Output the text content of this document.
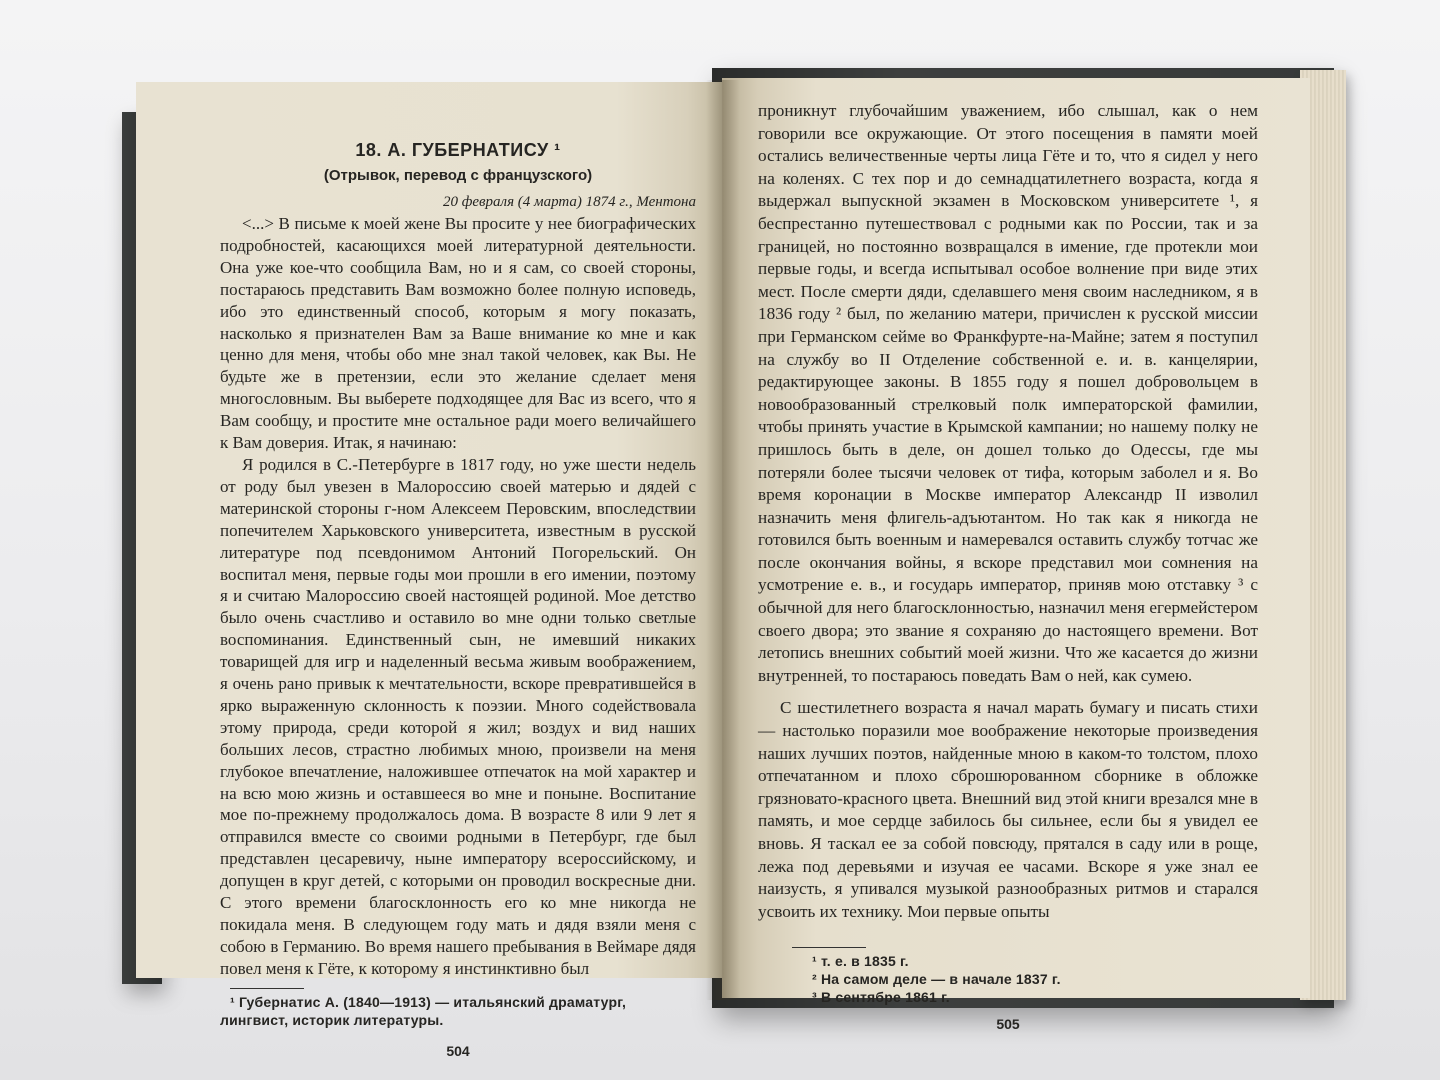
18. А. ГУБЕРНАТИСУ ¹

(Отрывок, перевод с французского)

20 февраля (4 марта) 1874 г., Ментона

<...> В письме к моей жене Вы просите у нее биографических подробностей, касающихся моей литературной деятельности. Она уже кое-что сообщила Вам, но и я сам, со своей стороны, постараюсь представить Вам возможно более полную исповедь, ибо это единственный способ, которым я могу показать, насколько я признателен Вам за Ваше внимание ко мне и как ценно для меня, чтобы обо мне знал такой человек, как Вы. Не будьте же в претензии, если это желание сделает меня многословным. Вы выберете подходящее для Вас из всего, что я Вам сообщу, и простите мне остальное ради моего величайшего к Вам доверия. Итак, я начинаю:

Я родился в С.-Петербурге в 1817 году, но уже шести недель от роду был увезен в Малороссию своей матерью и дядей с материнской стороны г-ном Алексеем Перовским, впоследствии попечителем Харьковского университета, известным в русской литературе под псевдонимом Антоний Погорельский. Он воспитал меня, первые годы мои прошли в его имении, поэтому я и считаю Малороссию своей настоящей родиной. Мое детство было очень счастливо и оставило во мне одни только светлые воспоминания. Единственный сын, не имевший никаких товарищей для игр и наделенный весьма живым воображением, я очень рано привык к мечтательности, вскоре превратившейся в ярко выраженную склонность к поэзии. Много содействовала этому природа, среди которой я жил; воздух и вид наших больших лесов, страстно любимых мною, произвели на меня глубокое впечатление, наложившее отпечаток на мой характер и на всю мою жизнь и оставшееся во мне и поныне. Воспитание мое по-прежнему продолжалось дома. В возрасте 8 или 9 лет я отправился вместе со своими родными в Петербург, где был представлен цесаревичу, ныне императору всероссийскому, и допущен в круг детей, с которыми он проводил воскресные дни. С этого времени благосклонность его ко мне никогда не покидала меня. В следующем году мать и дядя взяли меня с собою в Германию. Во время нашего пребывания в Веймаре дядя повел меня к Гёте, к которому я инстинктивно был

¹ Губернатис А. (1840—1913) — итальянский драматург, лингвист, историк литературы.

504

проникнут глубочайшим уважением, ибо слышал, как о нем говорили все окружающие. От этого посещения в памяти моей остались величественные черты лица Гёте и то, что я сидел у него на коленях. С тех пор и до семнадцатилетнего возраста, когда я выдержал выпускной экзамен в Московском университете ¹, я беспрестанно путешествовал с родными как по России, так и за границей, но постоянно возвращался в имение, где протекли мои первые годы, и всегда испытывал особое волнение при виде этих мест. После смерти дяди, сделавшего меня своим наследником, я в 1836 году ² был, по желанию матери, причислен к русской миссии при Германском сейме во Франкфурте-на-Майне; затем я поступил на службу во II Отделение собственной е. и. в. канцелярии, редактирующее законы. В 1855 году я пошел добровольцем в новообразованный стрелковый полк императорской фамилии, чтобы принять участие в Крымской кампании; но нашему полку не пришлось быть в деле, он дошел только до Одессы, где мы потеряли более тысячи человек от тифа, которым заболел и я. Во время коронации в Москве император Александр II изволил назначить меня флигель-адъютантом. Но так как я никогда не готовился быть военным и намеревался оставить службу тотчас же после окончания войны, я вскоре представил мои сомнения на усмотрение е. в., и государь император, приняв мою отставку ³ с обычной для него благосклонностью, назначил меня егермейстером своего двора; это звание я сохраняю до настоящего времени. Вот летопись внешних событий моей жизни. Что же касается до жизни внутренней, то постараюсь поведать Вам о ней, как сумею.

С шестилетнего возраста я начал марать бумагу и писать стихи — настолько поразили мое воображение некоторые произведения наших лучших поэтов, найденные мною в каком-то толстом, плохо отпечатанном и плохо сброшюрованном сборнике в обложке грязновато-красного цвета. Внешний вид этой книги врезался мне в память, и мое сердце забилось бы сильнее, если бы я увидел ее вновь. Я таскал ее за собой повсюду, прятался в саду или в роще, лежа под деревьями и изучая ее часами. Вскоре я уже знал ее наизусть, я упивался музыкой разнообразных ритмов и старался усвоить их технику. Мои первые опыты

¹ т. е. в 1835 г.

² На самом деле — в начале 1837 г.

³ В сентябре 1861 г.

505
